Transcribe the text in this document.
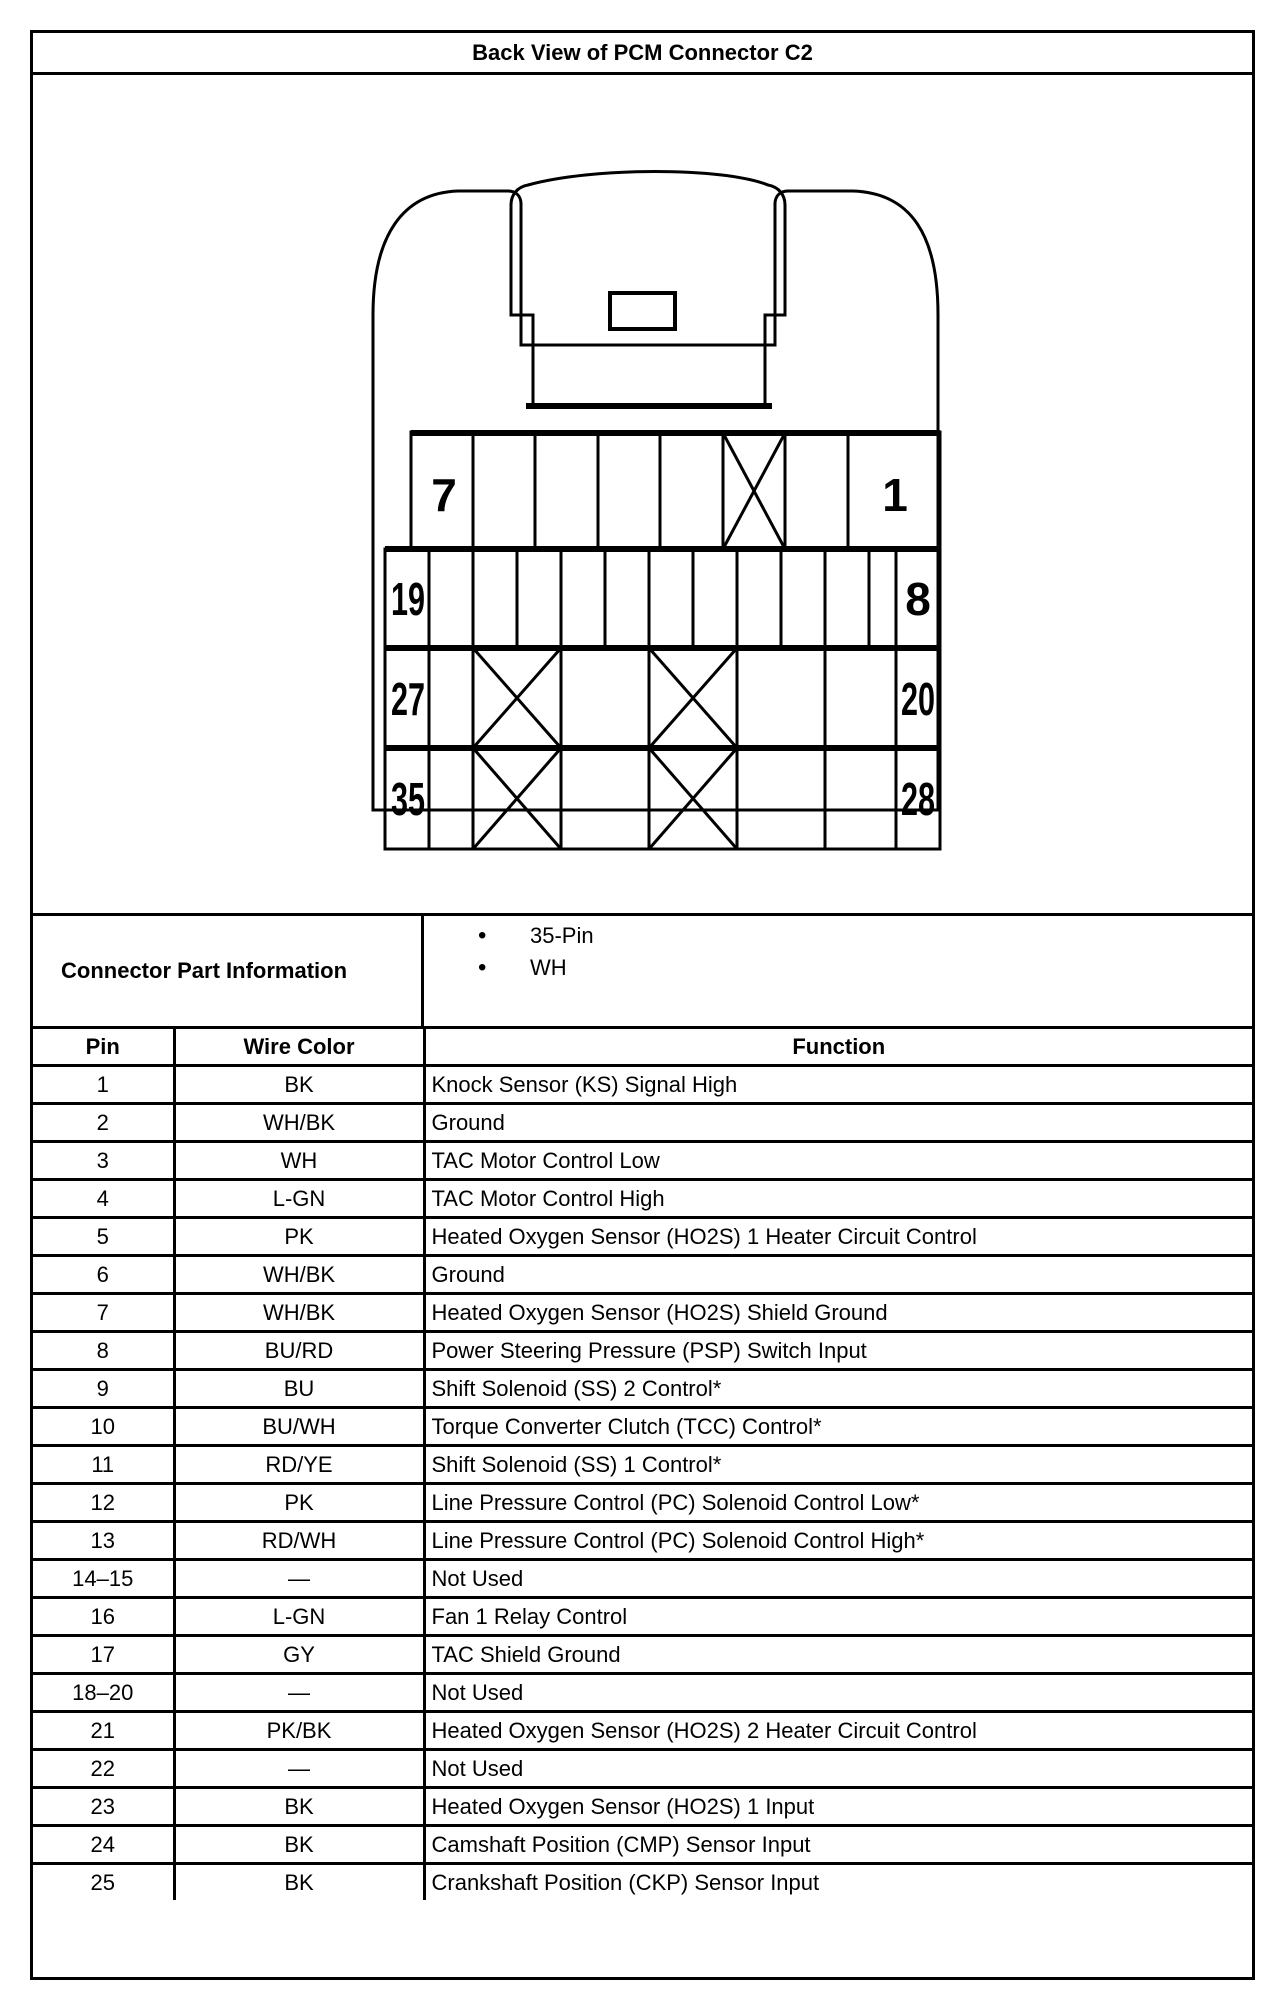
Back View of PCM Connector C2
7	1
19	8
27	20
35	28
Connector Part Information
• 35-Pin
• WH
Pin	Wire Color	Function
1	BK	Knock Sensor (KS) Signal High
2	WH/BK	Ground
3	WH	TAC Motor Control Low
4	L-GN	TAC Motor Control High
5	PK	Heated Oxygen Sensor (HO2S) 1 Heater Circuit Control
6	WH/BK	Ground
7	WH/BK	Heated Oxygen Sensor (HO2S) Shield Ground
8	BU/RD	Power Steering Pressure (PSP) Switch Input
9	BU	Shift Solenoid (SS) 2 Control*
10	BU/WH	Torque Converter Clutch (TCC) Control*
11	RD/YE	Shift Solenoid (SS) 1 Control*
12	PK	Line Pressure Control (PC) Solenoid Control Low*
13	RD/WH	Line Pressure Control (PC) Solenoid Control High*
14–15	—	Not Used
16	L-GN	Fan 1 Relay Control
17	GY	TAC Shield Ground
18–20	—	Not Used
21	PK/BK	Heated Oxygen Sensor (HO2S) 2 Heater Circuit Control
22	—	Not Used
23	BK	Heated Oxygen Sensor (HO2S) 1 Input
24	BK	Camshaft Position (CMP) Sensor Input
25	BK	Crankshaft Position (CKP) Sensor Input
